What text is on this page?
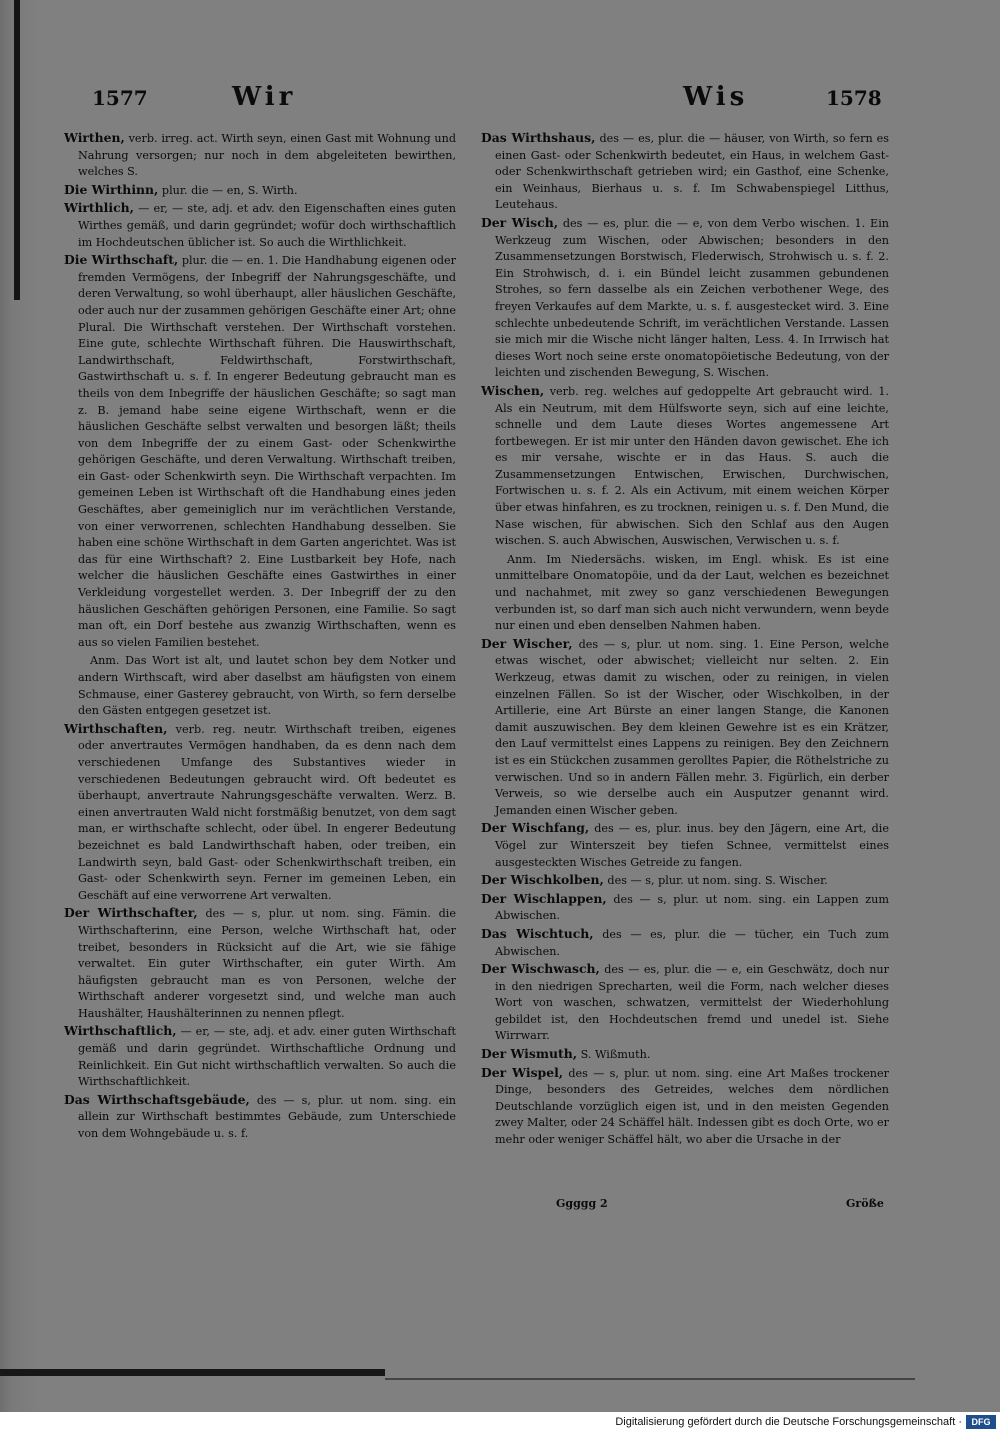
1577	Wir	Wis	1578

Wirthen, verb. irreg. act. Wirth seyn, einen Gast mit Wohnung und Nahrung versorgen; nur noch in dem abgeleiteten bewirthen, welches S.

Die Wirthinn, plur. die — en, S. Wirth.

Wirthlich, — er, — ste, adj. et adv. den Eigenschaften eines guten Wirthes gemäß, und darin gegründet; wofür doch wirthschaftlich im Hochdeutschen üblicher ist. So auch die Wirthlichkeit.

Die Wirthschaft, plur. die — en. 1. Die Handhabung eigenen oder fremden Vermögens, der Inbegriff der Nahrungsgeschäfte, und deren Verwaltung, so wohl überhaupt, aller häuslichen Geschäfte, oder auch nur der zusammen gehörigen Geschäfte einer Art; ohne Plural. Die Wirthschaft verstehen. Der Wirthschaft vorstehen. Eine gute, schlechte Wirthschaft führen. Die Hauswirthschaft, Landwirthschaft, Feldwirthschaft, Forstwirthschaft, Gastwirthschaft u. s. f. In engerer Bedeutung gebraucht man es theils von dem Inbegriffe der häuslichen Geschäfte; so sagt man z. B. jemand habe seine eigene Wirthschaft, wenn er die häuslichen Geschäfte selbst verwalten und besorgen läßt; theils von dem Inbegriffe der zu einem Gast- oder Schenkwirthe gehörigen Geschäfte, und deren Verwaltung. Wirthschaft treiben, ein Gast- oder Schenkwirth seyn. Die Wirthschaft verpachten. Im gemeinen Leben ist Wirthschaft oft die Handhabung eines jeden Geschäftes, aber gemeiniglich nur im verächtlichen Verstande, von einer verworrenen, schlechten Handhabung desselben. Sie haben eine schöne Wirthschaft in dem Garten angerichtet. Was ist das für eine Wirthschaft? 2. Eine Lustbarkeit bey Hofe, nach welcher die häuslichen Geschäfte eines Gastwirthes in einer Verkleidung vorgestellet werden. 3. Der Inbegriff der zu den häuslichen Geschäften gehörigen Personen, eine Familie. So sagt man oft, ein Dorf bestehe aus zwanzig Wirthschaften, wenn es aus so vielen Familien bestehet.

Anm. Das Wort ist alt, und lautet schon bey dem Notker und andern Wirthscaft, wird aber daselbst am häufigsten von einem Schmause, einer Gasterey gebraucht, von Wirth, so fern derselbe den Gästen entgegen gesetzet ist.

Wirthschaften, verb. reg. neutr. Wirthschaft treiben, eigenes oder anvertrautes Vermögen handhaben, da es denn nach dem verschiedenen Umfange des Substantives wieder in verschiedenen Bedeutungen gebraucht wird. Oft bedeutet es überhaupt, anvertraute Nahrungsgeschäfte verwalten. Werz. B. einen anvertrauten Wald nicht forstmäßig benutzet, von dem sagt man, er wirthschafte schlecht, oder übel. In engerer Bedeutung bezeichnet es bald Landwirthschaft haben, oder treiben, ein Landwirth seyn, bald Gast- oder Schenkwirthschaft treiben, ein Gast- oder Schenkwirth seyn. Ferner im gemeinen Leben, ein Geschäft auf eine verworrene Art verwalten.

Der Wirthschafter, des — s, plur. ut nom. sing. Fämin. die Wirthschafterinn, eine Person, welche Wirthschaft hat, oder treibet, besonders in Rücksicht auf die Art, wie sie fähige verwaltet. Ein guter Wirthschafter, ein guter Wirth. Am häufigsten gebraucht man es von Personen, welche der Wirthschaft anderer vorgesetzt sind, und welche man auch Haushälter, Haushälterinnen zu nennen pflegt.

Wirthschaftlich, — er, — ste, adj. et adv. einer guten Wirthschaft gemäß und darin gegründet. Wirthschaftliche Ordnung und Reinlichkeit. Ein Gut nicht wirthschaftlich verwalten. So auch die Wirthschaftlichkeit.

Das Wirthschaftsgebäude, des — s, plur. ut nom. sing. ein allein zur Wirthschaft bestimmtes Gebäude, zum Unterschiede von dem Wohngebäude u. s. f.

Das Wirthshaus, des — es, plur. die — häuser, von Wirth, so fern es einen Gast- oder Schenkwirth bedeutet, ein Haus, in welchem Gast- oder Schenkwirthschaft getrieben wird; ein Gasthof, eine Schenke, ein Weinhaus, Bierhaus u. s. f. Im Schwabenspiegel Litthus, Leutehaus.

Der Wisch, des — es, plur. die — e, von dem Verbo wischen. 1. Ein Werkzeug zum Wischen, oder Abwischen; besonders in den Zusammensetzungen Borstwisch, Flederwisch, Strohwisch u. s. f. 2. Ein Strohwisch, d. i. ein Bündel leicht zusammen gebundenen Strohes, so fern dasselbe als ein Zeichen verbothener Wege, des freyen Verkaufes auf dem Markte, u. s. f. ausgestecket wird. 3. Eine schlechte unbedeutende Schrift, im verächtlichen Verstande. Lassen sie mich mir die Wische nicht länger halten, Less. 4. In Irrwisch hat dieses Wort noch seine erste onomatopöietische Bedeutung, von der leichten und zischenden Bewegung, S. Wischen.

Wischen, verb. reg. welches auf gedoppelte Art gebraucht wird. 1. Als ein Neutrum, mit dem Hülfsworte seyn, sich auf eine leichte, schnelle und dem Laute dieses Wortes angemessene Art fortbewegen. Er ist mir unter den Händen davon gewischet. Ehe ich es mir versahe, wischte er in das Haus. S. auch die Zusammensetzungen Entwischen, Erwischen, Durchwischen, Fortwischen u. s. f. 2. Als ein Activum, mit einem weichen Körper über etwas hinfahren, es zu trocknen, reinigen u. s. f. Den Mund, die Nase wischen, für abwischen. Sich den Schlaf aus den Augen wischen. S. auch Abwischen, Auswischen, Verwischen u. s. f.

Anm. Im Niedersächs. wisken, im Engl. whisk. Es ist eine unmittelbare Onomatopöie, und da der Laut, welchen es bezeichnet und nachahmet, mit zwey so ganz verschiedenen Bewegungen verbunden ist, so darf man sich auch nicht verwundern, wenn beyde nur einen und eben denselben Nahmen haben.

Der Wischer, des — s, plur. ut nom. sing. 1. Eine Person, welche etwas wischet, oder abwischet; vielleicht nur selten. 2. Ein Werkzeug, etwas damit zu wischen, oder zu reinigen, in vielen einzelnen Fällen. So ist der Wischer, oder Wischkolben, in der Artillerie, eine Art Bürste an einer langen Stange, die Kanonen damit auszuwischen. Bey dem kleinen Gewehre ist es ein Krätzer, den Lauf vermittelst eines Lappens zu reinigen. Bey den Zeichnern ist es ein Stückchen zusammen gerolltes Papier, die Röthelstriche zu verwischen. Und so in andern Fällen mehr. 3. Figürlich, ein derber Verweis, so wie derselbe auch ein Ausputzer genannt wird. Jemanden einen Wischer geben.

Der Wischfang, des — es, plur. inus. bey den Jägern, eine Art, die Vögel zur Winterszeit bey tiefen Schnee, vermittelst eines ausgesteckten Wisches Getreide zu fangen.

Der Wischkolben, des — s, plur. ut nom. sing. S. Wischer.

Der Wischlappen, des — s, plur. ut nom. sing. ein Lappen zum Abwischen.

Das Wischtuch, des — es, plur. die — tücher, ein Tuch zum Abwischen.

Der Wischwasch, des — es, plur. die — e, ein Geschwätz, doch nur in den niedrigen Sprecharten, weil die Form, nach welcher dieses Wort von waschen, schwatzen, vermittelst der Wiederhohlung gebildet ist, den Hochdeutschen fremd und unedel ist. Siehe Wirrwarr.

Der Wismuth, S. Wißmuth.

Der Wispel, des — s, plur. ut nom. sing. eine Art Maßes trockener Dinge, besonders des Getreides, welches dem nördlichen Deutschlande vorzüglich eigen ist, und in den meisten Gegenden zwey Malter, oder 24 Schäffel hält. Indessen gibt es doch Orte, wo er mehr oder weniger Schäffel hält, wo aber die Ursache in der

Ggggg 2	Größe
Digitalisierung gefördert durch die Deutsche Forschungsgemeinschaft ·	DFG
